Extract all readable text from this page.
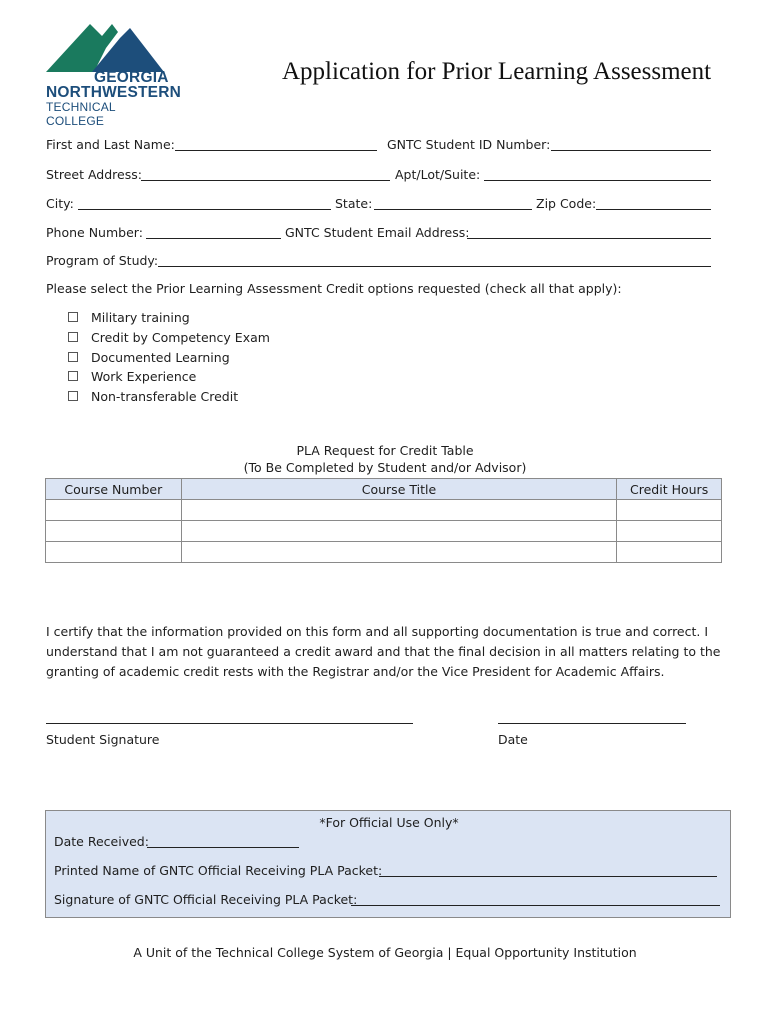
GEORGIA
NORTHWESTERN
TECHNICAL COLLEGE
Application for Prior Learning Assessment
First and Last Name:	GNTC Student ID Number:
Street Address:	Apt/Lot/Suite:
City:	State:	Zip Code:
Phone Number:	GNTC Student Email Address:
Program of Study:
Please select the Prior Learning Assessment Credit options requested (check all that apply):
Military training
Credit by Competency Exam
Documented Learning
Work Experience
Non-transferable Credit
PLA Request for Credit Table
(To Be Completed by Student and/or Advisor)
Course Number	Course Title	Credit Hours

I certify that the information provided on this form and all supporting documentation is true and correct. I
understand that I am not guaranteed a credit award and that the final decision in all matters relating to the
granting of academic credit rests with the Registrar and/or the Vice President for Academic Affairs.
Student Signature	Date
*For Official Use Only*
Date Received:
Printed Name of GNTC Official Receiving PLA Packet:
Signature of GNTC Official Receiving PLA Packet:
A Unit of the Technical College System of Georgia | Equal Opportunity Institution
